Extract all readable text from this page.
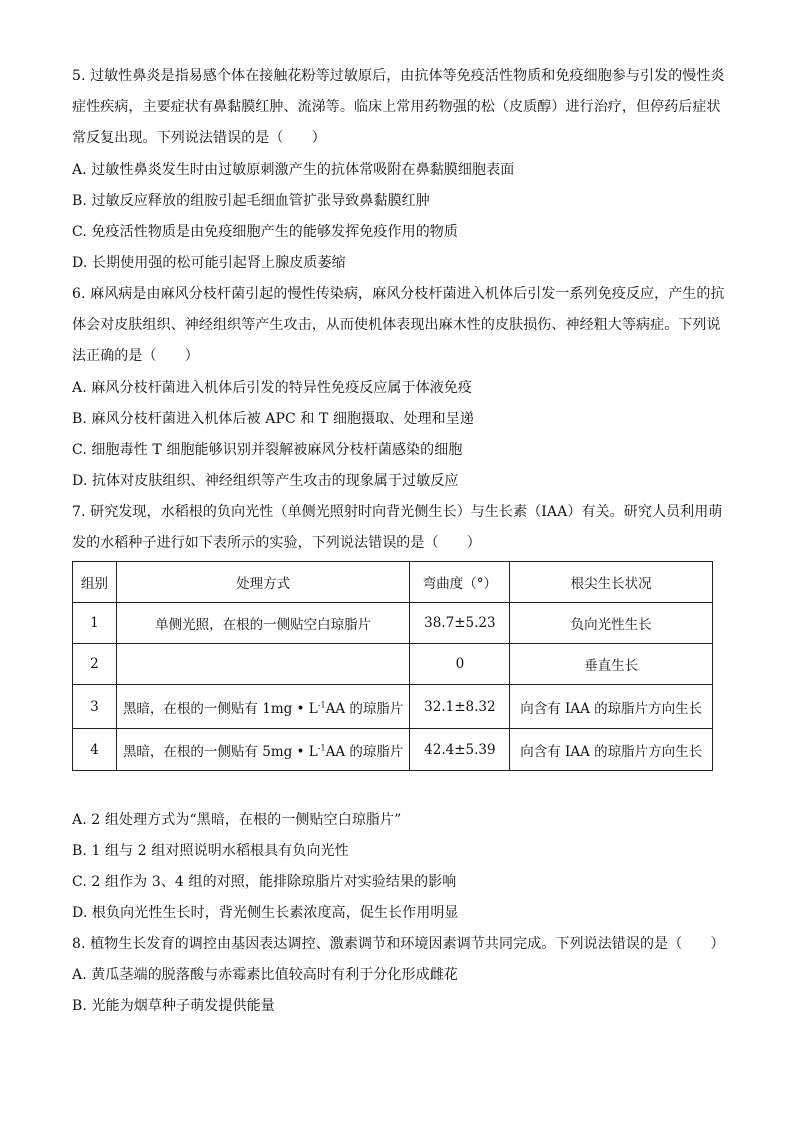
5. 过敏性鼻炎是指易感个体在接触花粉等过敏原后，由抗体等免疫活性物质和免疫细胞参与引发的慢性炎
症性疾病，主要症状有鼻黏膜红肿、流涕等。临床上常用药物强的松（皮质醇）进行治疗，但停药后症状
常反复出现。下列说法错误的是（　　）
A. 过敏性鼻炎发生时由过敏原刺激产生的抗体常吸附在鼻黏膜细胞表面
B. 过敏反应释放的组胺引起毛细血管扩张导致鼻黏膜红肿
C. 免疫活性物质是由免疫细胞产生的能够发挥免疫作用的物质
D. 长期使用强的松可能引起肾上腺皮质萎缩
6. 麻风病是由麻风分枝杆菌引起的慢性传染病，麻风分枝杆菌进入机体后引发一系列免疫反应，产生的抗
体会对皮肤组织、神经组织等产生攻击，从而使机体表现出麻木性的皮肤损伤、神经粗大等病症。下列说
法正确的是（　　）
A. 麻风分枝杆菌进入机体后引发的特异性免疫反应属于体液免疫
B. 麻风分枝杆菌进入机体后被 APC 和 T 细胞摄取、处理和呈递
C. 细胞毒性 T 细胞能够识别并裂解被麻风分枝杆菌感染的细胞
D. 抗体对皮肤组织、神经组织等产生攻击的现象属于过敏反应
7. 研究发现，水稻根的负向光性（单侧光照射时向背光侧生长）与生长素（IAA）有关。研究人员利用萌
发的水稻种子进行如下表所示的实验，下列说法错误的是（　　）
组别	处理方式	弯曲度（°）	根尖生长状况
1	单侧光照，在根的一侧贴空白琼脂片	38.7±5.23	负向光性生长
2		0	垂直生长
3	黑暗，在根的一侧贴有 1mg • $L^{-1}AA$ 的琼脂片	32.1±8.32	向含有 IAA 的琼脂片方向生长
4	黑暗，在根的一侧贴有 5mg • $L^{-1}AA$ 的琼脂片	42.4±5.39	向含有 IAA 的琼脂片方向生长
A. 2 组处理方式为“黑暗，在根的一侧贴空白琼脂片”
B. 1 组与 2 组对照说明水稻根具有负向光性
C. 2 组作为 3、4 组的对照，能排除琼脂片对实验结果的影响
D. 根负向光性生长时，背光侧生长素浓度高，促生长作用明显
8. 植物生长发育的调控由基因表达调控、激素调节和环境因素调节共同完成。下列说法错误的是（　　）
A. 黄瓜茎端的脱落酸与赤霉素比值较高时有利于分化形成雌花
B. 光能为烟草种子萌发提供能量
